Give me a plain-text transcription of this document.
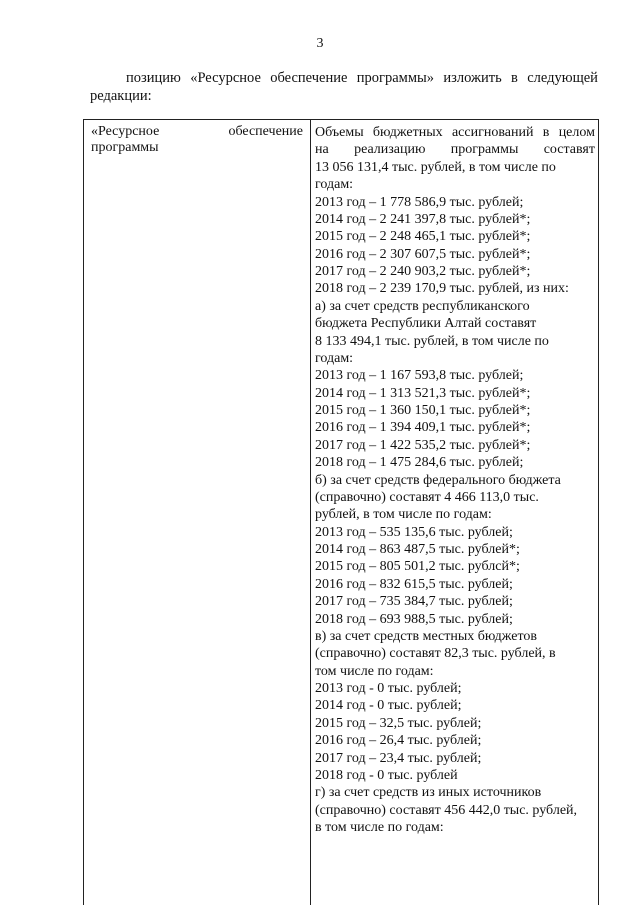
3
позицию «Ресурсное обеспечение программы» изложить в следующей
редакции:
«Ресурсное	обеспечение
программы
Объемы бюджетных ассигнований в целом
на реализацию программы составят
13 056 131,4 тыс. рублей, в том числе по
годам:
2013 год – 1 778 586,9 тыс. рублей;
2014 год – 2 241 397,8 тыс. рублей*;
2015 год – 2 248 465,1 тыс. рублей*;
2016 год – 2 307 607,5 тыс. рублей*;
2017 год – 2 240 903,2 тыс. рублей*;
2018 год – 2 239 170,9 тыс. рублей, из них:
а) за счет средств республиканского
бюджета Республики Алтай составят
8 133 494,1 тыс. рублей, в том числе по
годам:
2013 год – 1 167 593,8 тыс. рублей;
2014 год – 1 313 521,3 тыс. рублей*;
2015 год – 1 360 150,1 тыс. рублей*;
2016 год – 1 394 409,1 тыс. рублей*;
2017 год – 1 422 535,2 тыс. рублей*;
2018 год – 1 475 284,6 тыс. рублей;
б) за счет средств федерального бюджета
(справочно) составят 4 466 113,0 тыс.
рублей, в том числе по годам:
2013 год – 535 135,6 тыс. рублей;
2014 год – 863 487,5 тыс. рублей*;
2015 год – 805 501,2 тыс. рублсй*;
2016 год – 832 615,5 тыс. рублей;
2017 год – 735 384,7 тыс. рублей;
2018 год – 693 988,5 тыс. рублей;
в) за счет средств местных бюджетов
(справочно) составят 82,3 тыс. рублей, в
том числе по годам:
2013 год - 0 тыс. рублей;
2014 год - 0 тыс. рублей;
2015 год – 32,5 тыс. рублей;
2016 год – 26,4 тыс. рублей;
2017 год – 23,4 тыс. рублей;
2018 год - 0 тыс. рублей
г) за счет средств из иных источников
(справочно) составят 456 442,0 тыс. рублей,
в том числе по годам:
